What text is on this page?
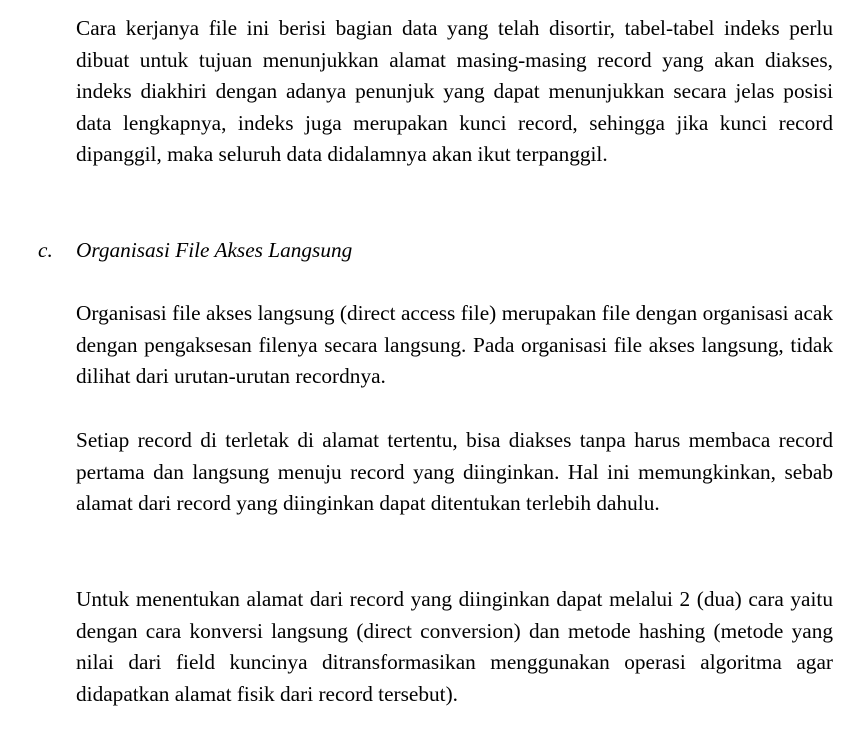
Cara kerjanya file ini berisi bagian data yang telah disortir, tabel-tabel indeks perlu dibuat untuk tujuan menunjukkan alamat masing-masing record yang akan diakses, indeks diakhiri dengan adanya penunjuk yang dapat menunjukkan secara jelas posisi data lengkapnya, indeks juga merupakan kunci record, sehingga jika kunci record dipanggil, maka seluruh data didalamnya akan ikut terpanggil.

c. Organisasi File Akses Langsung

Organisasi file akses langsung (direct access file) merupakan file dengan organisasi acak dengan pengaksesan filenya secara langsung. Pada organisasi file akses langsung, tidak dilihat dari urutan-urutan recordnya.

Setiap record di terletak di alamat tertentu, bisa diakses tanpa harus membaca record pertama dan langsung menuju record yang diinginkan. Hal ini memungkinkan, sebab alamat dari record yang diinginkan dapat ditentukan terlebih dahulu.

Untuk menentukan alamat dari record yang diinginkan dapat melalui 2 (dua) cara yaitu dengan cara konversi langsung (direct conversion) dan metode hashing (metode yang nilai dari field kuncinya ditransformasikan menggunakan operasi algoritma agar didapatkan alamat fisik dari record tersebut).
